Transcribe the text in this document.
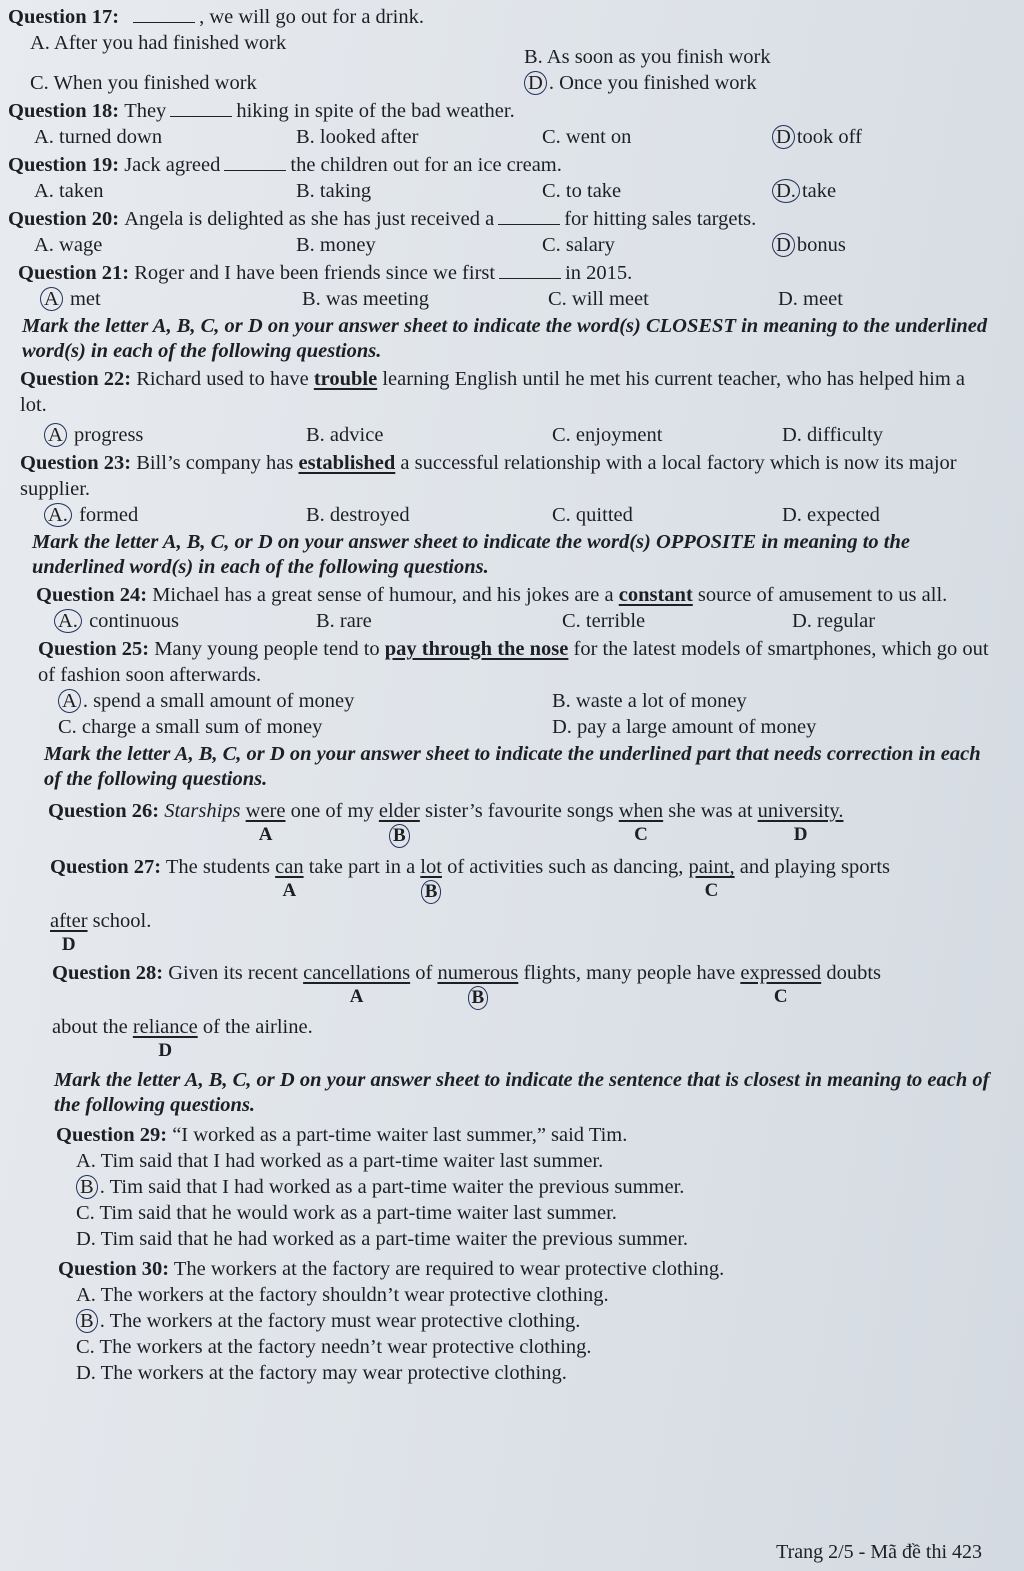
Question 17:	, we will go out for a drink.
A. After you had finished work
B. As soon as you finish work
C. When you finished work	D . Once you finished work
Question 18:
They	hiking in spite of the bad weather.
A. turned down	B. looked after	C. went on	D took off
Question 19:
Jack agreed	the children out for an ice cream.
A. taken	B. taking	C. to take	D. take
Question 20:
Angela is delighted as she has just received a	for hitting sales targets.
A. wage	B. money	C. salary	D bonus
Question 21:
Roger and I have been friends since we first	in 2015.
A met	B. was meeting	C. will meet	D. meet
Mark the letter A, B, C, or D on your answer sheet to indicate the word(s) CLOSEST in meaning to the underlined word(s) in each of the following questions.
Question 22: Richard used to have trouble learning English until he met his current teacher, who has helped him a lot.
A progress	B. advice	C. enjoyment	D. difficulty
Question 23: Bill’s company has established a successful relationship with a local factory which is now its major supplier.
A. formed	B. destroyed	C. quitted	D. expected
Mark the letter A, B, C, or D on your answer sheet to indicate the word(s) OPPOSITE in meaning to the underlined word(s) in each of the following questions.
Question 24: Michael has a great sense of humour, and his jokes are a constant source of amusement to us all.
A. continuous	B. rare	C. terrible	D. regular
Question 25: Many young people tend to pay through the nose for the latest models of smartphones, which go out of fashion soon afterwards.
A . spend a small amount of money	B. waste a lot of money
C. charge a small sum of money	D. pay a large amount of money
Mark the letter A, B, C, or D on your answer sheet to indicate the underlined part that needs correction in each of the following questions.
Question 26: Starships were
A
one of my elder
B
sister’s favourite songs when
C
she was at university.
D
Question 27: The students can
A
take part in a lot
B
of activities such as dancing, paint,
C
and playing sports
after
D
school.
Question 28: Given its recent cancellations
A
of numerous
B
flights, many people have expressed
C
doubts
about the reliance
D
of the airline.
Mark the letter A, B, C, or D on your answer sheet to indicate the sentence that is closest in meaning to each of the following questions.
Question 29: “I worked as a part-time waiter last summer,” said Tim.
A. Tim said that I had worked as a part-time waiter last summer.
B . Tim said that I had worked as a part-time waiter the previous summer.
C. Tim said that he would work as a part-time waiter last summer.
D. Tim said that he had worked as a part-time waiter the previous summer.
Question 30: The workers at the factory are required to wear protective clothing.
A. The workers at the factory shouldn’t wear protective clothing.
B . The workers at the factory must wear protective clothing.
C. The workers at the factory needn’t wear protective clothing.
D. The workers at the factory may wear protective clothing.
Trang 2/5 - Mã đề thi 423
